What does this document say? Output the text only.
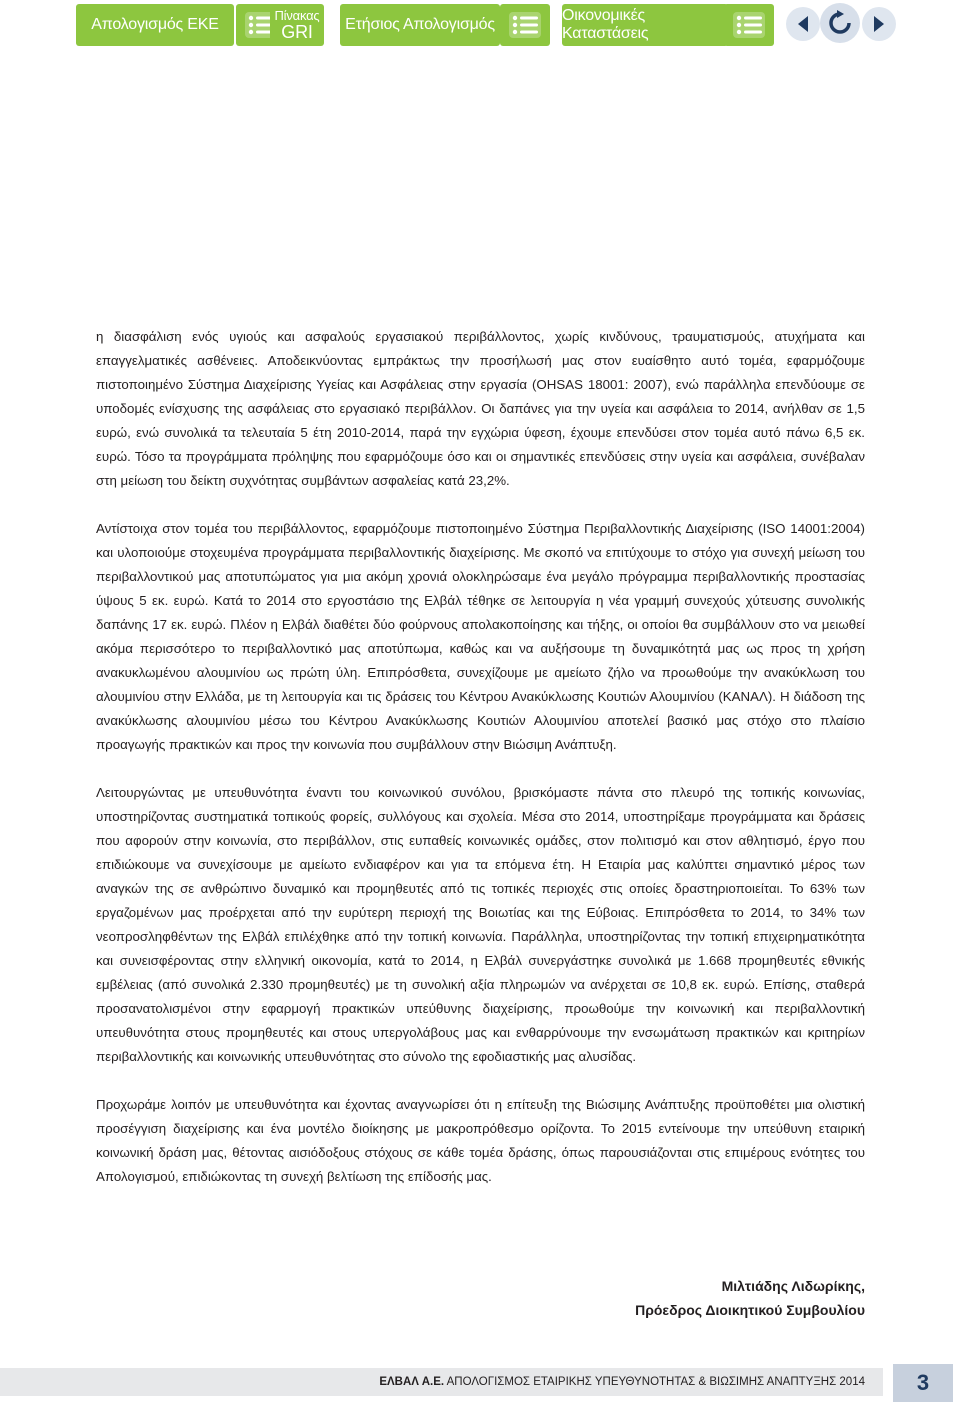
Απολογισμός ΕΚΕ
Πίνακας
GRI Ετήσιος Απολογισμός
Οικονομικές Καταστάσεις

η διασφάλιση ενός υγιούς και ασφαλούς εργασιακού περιβάλλοντος, χωρίς κινδύνους, τραυματισμούς, ατυχήματα και επαγγελματικές ασθένειες. Αποδεικνύοντας εμπράκτως την προσήλωσή μας στον ευαίσθητο αυτό τομέα, εφαρμόζουμε πιστοποιημένο Σύστημα Διαχείρισης Υγείας και Ασφάλειας στην εργασία (OHSAS 18001: 2007), ενώ παράλληλα επενδύουμε σε υποδομές ενίσχυσης της ασφάλειας στο εργασιακό περιβάλλον. Οι δαπάνες για την υγεία και ασφάλεια το 2014, ανήλθαν σε 1,5 ευρώ, ενώ συνολικά τα τελευταία 5 έτη 2010-2014, παρά την εγχώρια ύφεση, έχουμε επενδύσει στον τομέα αυτό πάνω 6,5 εκ. ευρώ. Τόσο τα προγράμματα πρόληψης που εφαρμόζουμε όσο και οι σημαντικές επενδύσεις στην υγεία και ασφάλεια, συνέβαλαν στη μείωση του δείκτη συχνότητας συμβάντων ασφαλείας κατά 23,2%.

Αντίστοιχα στον τομέα του περιβάλλοντος, εφαρμόζουμε πιστοποιημένο Σύστημα Περιβαλλοντικής Διαχείρισης (ISO 14001:2004) και υλοποιούμε στοχευμένα προγράμματα περιβαλλοντικής διαχείρισης. Με σκοπό να επιτύχουμε το στόχο για συνεχή μείωση του περιβαλλοντικού μας αποτυπώματος για μια ακόμη χρονιά ολοκληρώσαμε ένα μεγάλο πρόγραμμα περιβαλλοντικής προστασίας ύψους 5 εκ. ευρώ. Κατά το 2014 στο εργοστάσιο της Ελβάλ τέθηκε σε λειτουργία η νέα γραμμή συνεχούς χύτευσης συνολικής δαπάνης 17 εκ. ευρώ. Πλέον η Ελβάλ διαθέτει δύο φούρνους απολακοποίησης και τήξης, οι οποίοι θα συμβάλλουν στο να μειωθεί ακόμα περισσότερο το περιβαλλοντικό μας αποτύπωμα, καθώς και να αυξήσουμε τη δυναμικότητά μας ως προς τη χρήση ανακυκλωμένου αλουμινίου ως πρώτη ύλη. Επιπρόσθετα, συνεχίζουμε με αμείωτο ζήλο να προωθούμε την ανακύκλωση του αλουμινίου στην Ελλάδα, με τη λειτουργία και τις δράσεις του Κέντρου Ανακύκλωσης Κουτιών Αλουμινίου (ΚΑΝΑΛ). Η διάδοση της ανακύκλωσης αλουμινίου μέσω του Κέντρου Ανακύκλωσης Κουτιών Αλουμινίου αποτελεί βασικό μας στόχο στο πλαίσιο προαγωγής πρακτικών και προς την κοινωνία που συμβάλλουν στην Βιώσιμη Ανάπτυξη.

Λειτουργώντας με υπευθυνότητα έναντι του κοινωνικού συνόλου, βρισκόμαστε πάντα στο πλευρό της τοπικής κοινωνίας, υποστηρίζοντας συστηματικά τοπικούς φορείς, συλλόγους και σχολεία. Μέσα στο 2014, υποστηρίξαμε προγράμματα και δράσεις που αφορούν στην κοινωνία, στο περιβάλλον, στις ευπαθείς κοινωνικές ομάδες, στον πολιτισμό και στον αθλητισμό, έργο που επιδιώκουμε να συνεχίσουμε με αμείωτο ενδιαφέρον και για τα επόμενα έτη. Η Εταιρία μας καλύπτει σημαντικό μέρος των αναγκών της σε ανθρώπινο δυναμικό και προμηθευτές από τις τοπικές περιοχές στις οποίες δραστηριοποιείται. Το 63% των εργαζομένων μας προέρχεται από την ευρύτερη περιοχή της Βοιωτίας και της Εύβοιας. Επιπρόσθετα το 2014, το 34% των νεοπροσληφθέντων της Ελβάλ επιλέχθηκε από την τοπική κοινωνία. Παράλληλα, υποστηρίζοντας την τοπική επιχειρηματικότητα και συνεισφέροντας στην ελληνική οικονομία, κατά το 2014, η Ελβάλ συνεργάστηκε συνολικά με 1.668 προμηθευτές εθνικής εμβέλειας (από συνολικά 2.330 προμηθευτές) με τη συνολική αξία πληρωμών να ανέρχεται σε 10,8 εκ. ευρώ. Επίσης, σταθερά προσανατολισμένοι στην εφαρμογή πρακτικών υπεύθυνης διαχείρισης, προωθούμε την κοινωνική και περιβαλλοντική υπευθυνότητα στους προμηθευτές και στους υπεργολάβους μας και ενθαρρύνουμε την ενσωμάτωση πρακτικών και κριτηρίων περιβαλλοντικής και κοινωνικής υπευθυνότητας στο σύνολο της εφοδιαστικής μας αλυσίδας.

Προχωράμε λοιπόν με υπευθυνότητα και έχοντας αναγνωρίσει ότι η επίτευξη της Βιώσιμης Ανάπτυξης προϋποθέτει μια ολιστική προσέγγιση διαχείρισης και ένα μοντέλο διοίκησης με μακροπρόθεσμο ορίζοντα. Το 2015 εντείνουμε την υπεύθυνη εταιρική κοινωνική δράση μας, θέτοντας αισιόδοξους στόχους σε κάθε τομέα δράσης, όπως παρουσιάζονται στις επιμέρους ενότητες του Απολογισμού, επιδιώκοντας τη συνεχή βελτίωση της επίδοσής μας.

Μιλτιάδης Λιδωρίκης,
Πρόεδρος Διοικητικού Συμβουλίου
ΕΛΒΑΛ Α.Ε. ΑΠΟΛΟΓΙΣΜΟΣ ΕΤΑΙΡΙΚΗΣ ΥΠΕΥΘΥΝΟΤΗΤΑΣ & ΒΙΩΣΙΜΗΣ ΑΝΑΠΤΥΞΗΣ 2014	3
